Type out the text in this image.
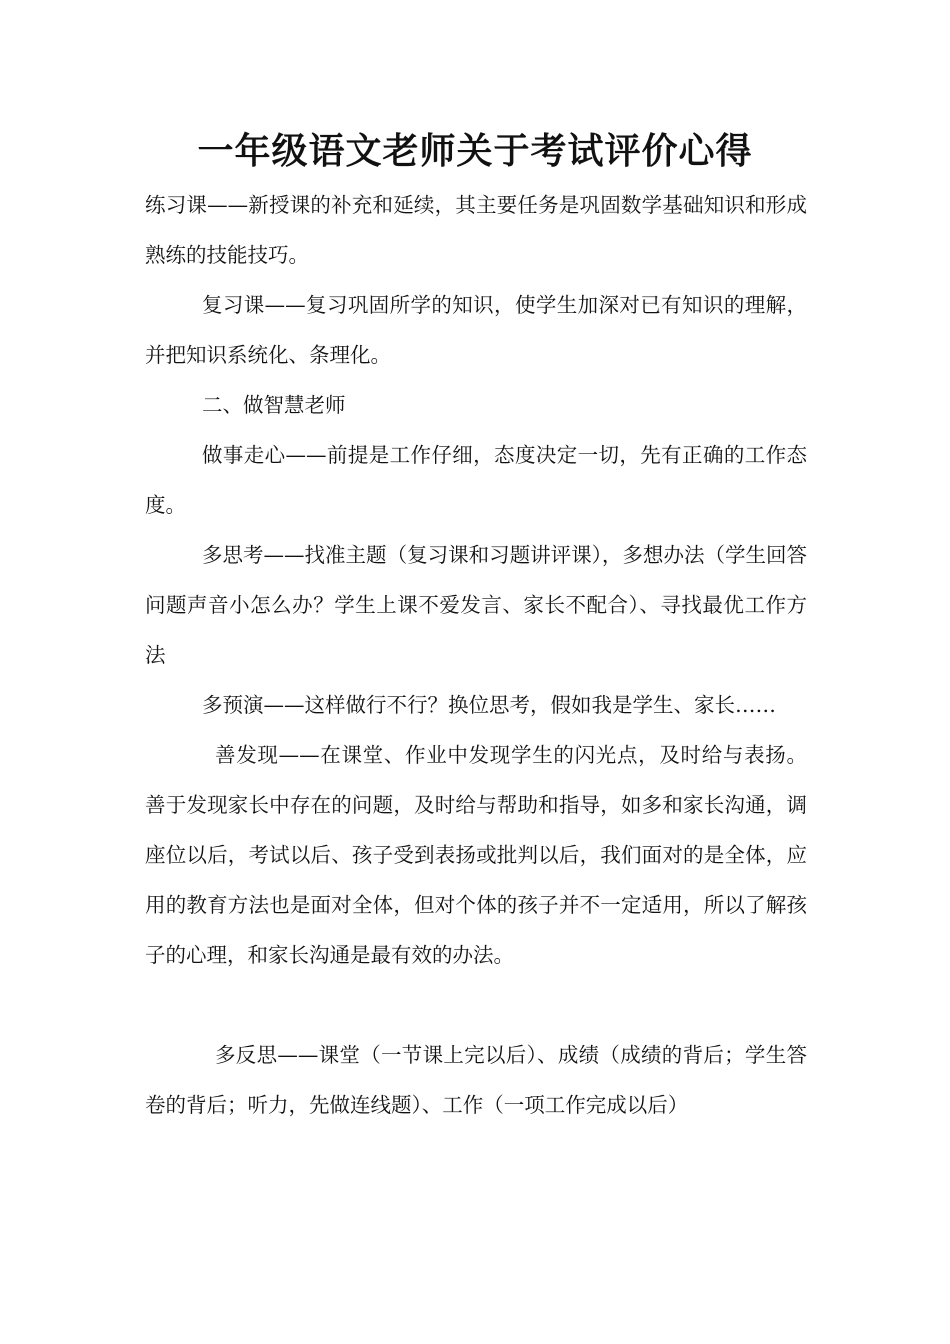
一年级语文老师关于考试评价心得

练习课——新授课的补充和延续，其主要任务是巩固数学基础知识和形成熟练的技能技巧。

复习课——复习巩固所学的知识，使学生加深对已有知识的理解，并把知识系统化、条理化。

二、做智慧老师

做事走心——前提是工作仔细，态度决定一切，先有正确的工作态度。

多思考——找准主题（复习课和习题讲评课），多想办法（学生回答问题声音小怎么办？学生上课不爱发言、家长不配合）、寻找最优工作方法

多预演——这样做行不行？换位思考，假如我是学生、家长……

善发现——在课堂、作业中发现学生的闪光点，及时给与表扬。善于发现家长中存在的问题，及时给与帮助和指导，如多和家长沟通，调座位以后，考试以后、孩子受到表扬或批判以后，我们面对的是全体，应用的教育方法也是面对全体，但对个体的孩子并不一定适用，所以了解孩子的心理，和家长沟通是最有效的办法。

多反思——课堂（一节课上完以后）、成绩（成绩的背后；学生答卷的背后；听力，先做连线题）、工作（一项工作完成以后）
